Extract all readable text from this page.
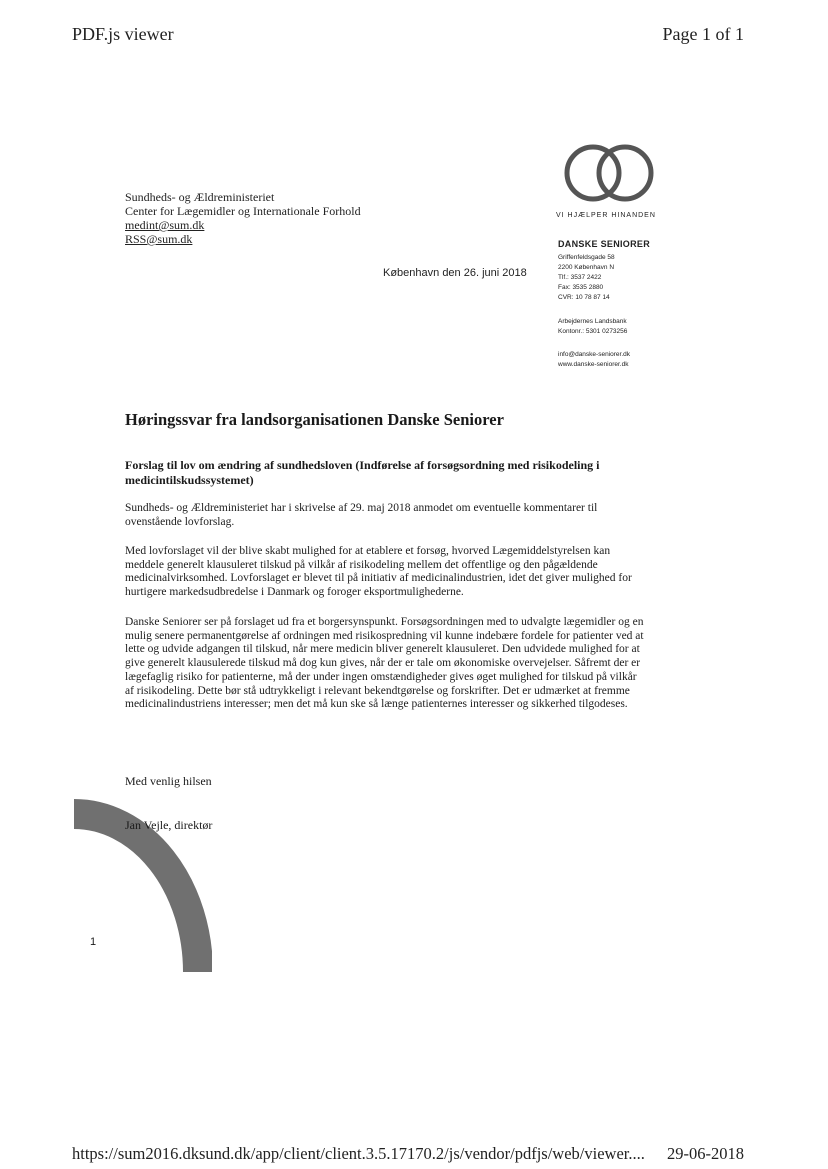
PDF.js viewer	Page 1 of 1
Sundheds- og Ældreministeriet
Center for Lægemidler og Internationale Forhold
medint@sum.dk
RSS@sum.dk
København den 26. juni 2018
VI HJÆLPER HINANDEN
DANSKE SENIORER
Griffenfeldsgade 58
2200 København N
Tlf.: 3537 2422
Fax: 3535 2880
CVR: 10 78 87 14
Arbejdernes Landsbank
Kontonr.: 5301 0273256
info@danske-seniorer.dk
www.danske-seniorer.dk
Høringssvar fra landsorganisationen Danske Seniorer
Forslag til lov om ændring af sundhedsloven (Indførelse af forsøgsordning med risikodeling i medicintilskudssystemet)
Sundheds- og Ældreministeriet har i skrivelse af 29. maj 2018 anmodet om eventuelle kommentarer til ovenstående lovforslag.
Med lovforslaget vil der blive skabt mulighed for at etablere et forsøg, hvorved Lægemiddelstyrelsen kan meddele generelt klausuleret tilskud på vilkår af risikodeling mellem det offentlige og den pågældende medicinalvirksomhed. Lovforslaget er blevet til på initiativ af medicinalindustrien, idet det giver mulighed for hurtigere markedsudbredelse i Danmark og foroger eksportmulighederne.
Danske Seniorer ser på forslaget ud fra et borgersynspunkt. Forsøgsordningen med to udvalgte lægemidler og en mulig senere permanentgørelse af ordningen med risikospredning vil kunne indebære fordele for patienter ved at lette og udvide adgangen til tilskud, når mere medicin bliver generelt klausuleret. Den udvidede mulighed for at give generelt klausulerede tilskud må dog kun gives, når der er tale om økonomiske overvejelser. Såfremt der er lægefaglig risiko for patienterne, må der under ingen omstændigheder gives øget mulighed for tilskud på vilkår af risikodeling. Dette bør stå udtrykkeligt i relevant bekendtgørelse og forskrifter. Det er udmærket at fremme medicinalindustriens interesser; men det må kun ske så længe patienternes interesser og sikkerhed tilgodeses.
Med venlig hilsen
Jan Vejle, direktør
1
https://sum2016.dksund.dk/app/client/client.3.5.17170.2/js/vendor/pdfjs/web/viewer.... 29-06-2018
